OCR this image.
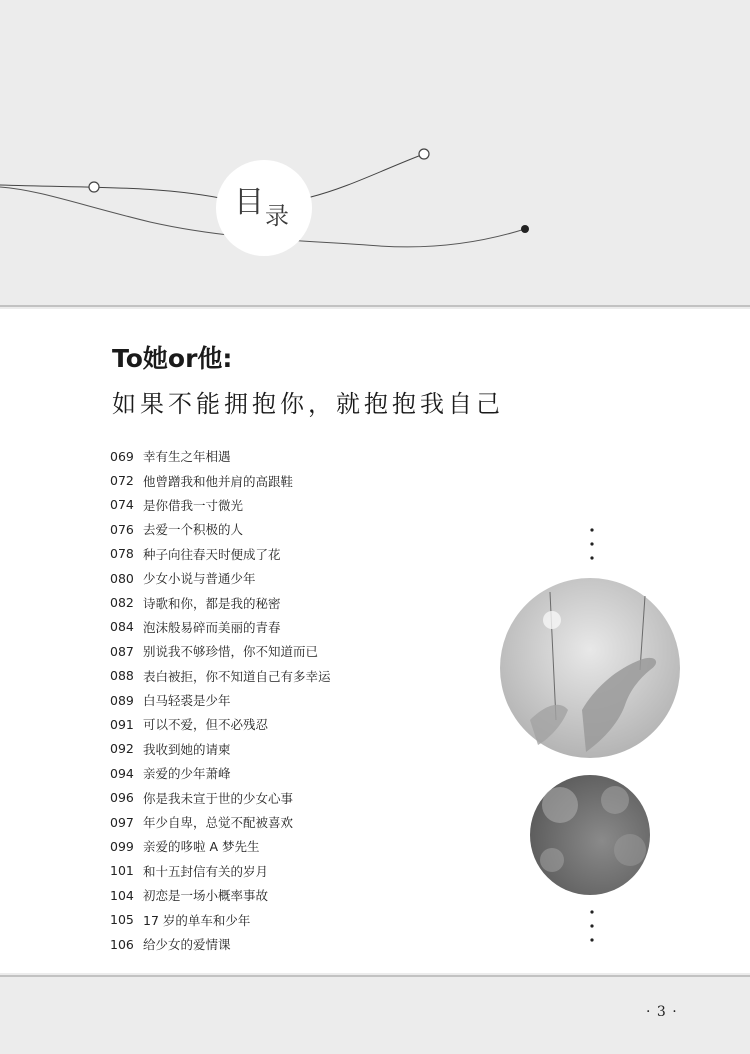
目 录
To她or他:
如果不能拥抱你，就抱抱我自己
069 幸有生之年相遇
072 他曾蹭我和他并肩的高跟鞋
074 是你借我一寸微光
076 去爱一个积极的人
078 种子向往春天时便成了花
080 少女小说与普通少年
082 诗歌和你，都是我的秘密
084 泡沫般易碎而美丽的青春
087 别说我不够珍惜，你不知道而已
088 表白被拒，你不知道自己有多幸运
089 白马轻裘是少年
091 可以不爱，但不必残忍
092 我收到她的请柬
094 亲爱的少年萧峰
096 你是我未宣于世的少女心事
097 年少自卑，总觉不配被喜欢
099 亲爱的哆啦 A 梦先生
101 和十五封信有关的岁月
104 初恋是一场小概率事故
105 17 岁的单车和少年
106 给少女的爱情课
· 3 ·
